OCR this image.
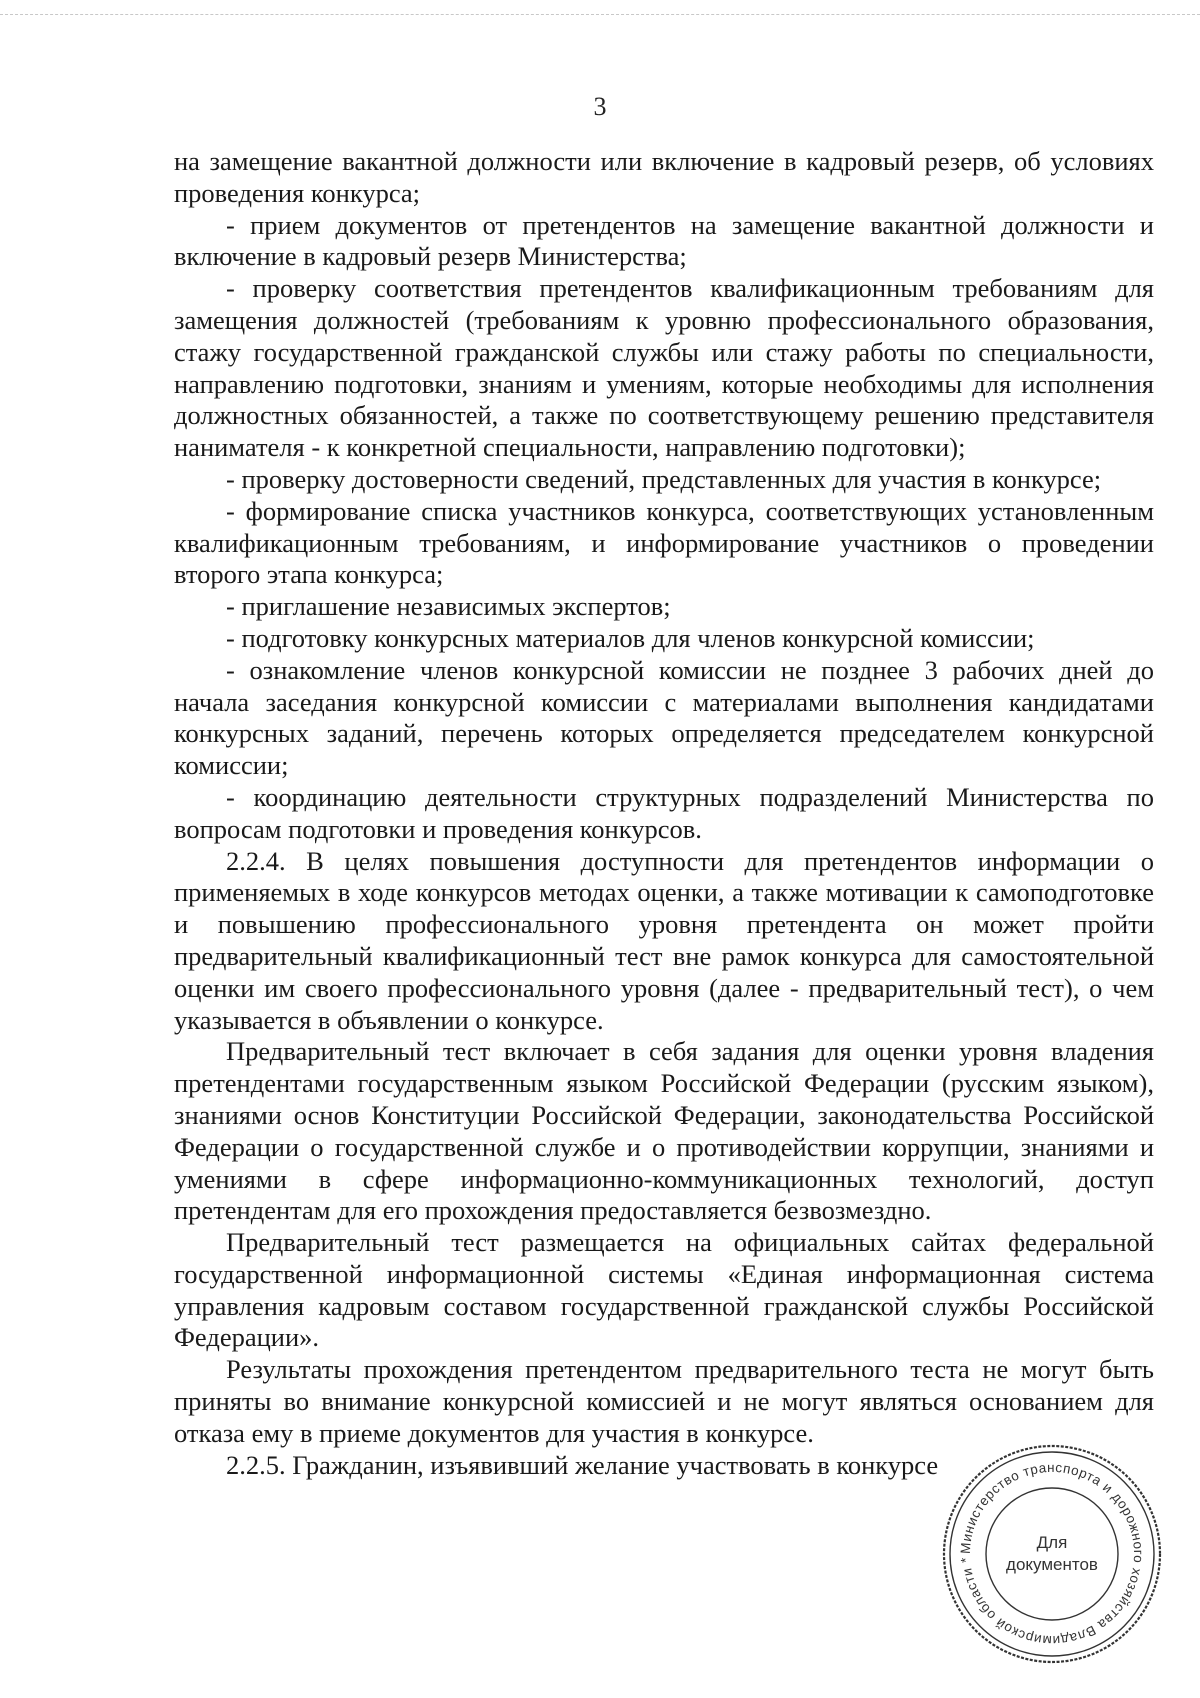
3

на замещение вакантной должности или включение в кадровый резерв, об условиях проведения конкурса;

- прием документов от претендентов на замещение вакантной должности и включение в кадровый резерв Министерства;

- проверку соответствия претендентов квалификационным требованиям для замещения должностей (требованиям к уровню профессионального образования, стажу государственной гражданской службы или стажу работы по специальности, направлению подготовки, знаниям и умениям, которые необходимы для исполнения должностных обязанностей, а также по соответствующему решению представителя нанимателя - к конкретной специальности, направлению подготовки);

- проверку достоверности сведений, представленных для участия в конкурсе;

- формирование списка участников конкурса, соответствующих установленным квалификационным требованиям, и информирование участников о проведении второго этапа конкурса;

- приглашение независимых экспертов;

- подготовку конкурсных материалов для членов конкурсной комиссии;

- ознакомление членов конкурсной комиссии не позднее 3 рабочих дней до начала заседания конкурсной комиссии с материалами выполнения кандидатами конкурсных заданий, перечень которых определяется председателем конкурсной комиссии;

- координацию деятельности структурных подразделений Министерства по вопросам подготовки и проведения конкурсов.

2.2.4. В целях повышения доступности для претендентов информации о применяемых в ходе конкурсов методах оценки, а также мотивации к самоподготовке и повышению профессионального уровня претендента он может пройти предварительный квалификационный тест вне рамок конкурса для самостоятельной оценки им своего профессионального уровня (далее - предварительный тест), о чем указывается в объявлении о конкурсе.

Предварительный тест включает в себя задания для оценки уровня владения претендентами государственным языком Российской Федерации (русским языком), знаниями основ Конституции Российской Федерации, законодательства Российской Федерации о государственной службе и о противодействии коррупции, знаниями и умениями в сфере информационно-коммуникационных технологий, доступ претендентам для его прохождения предоставляется безвозмездно.

Предварительный тест размещается на официальных сайтах федеральной государственной информационной системы «Единая информационная система управления кадровым составом государственной гражданской службы Российской Федерации».

Результаты прохождения претендентом предварительного теста не могут быть приняты во внимание конкурсной комиссией и не могут являться основанием для отказа ему в приеме документов для участия в конкурсе.

2.2.5. Гражданин, изъявивший желание участвовать в конкурсе

Министерство транспорта и дорожного хозяйства Владимирской области *
Для
документов
